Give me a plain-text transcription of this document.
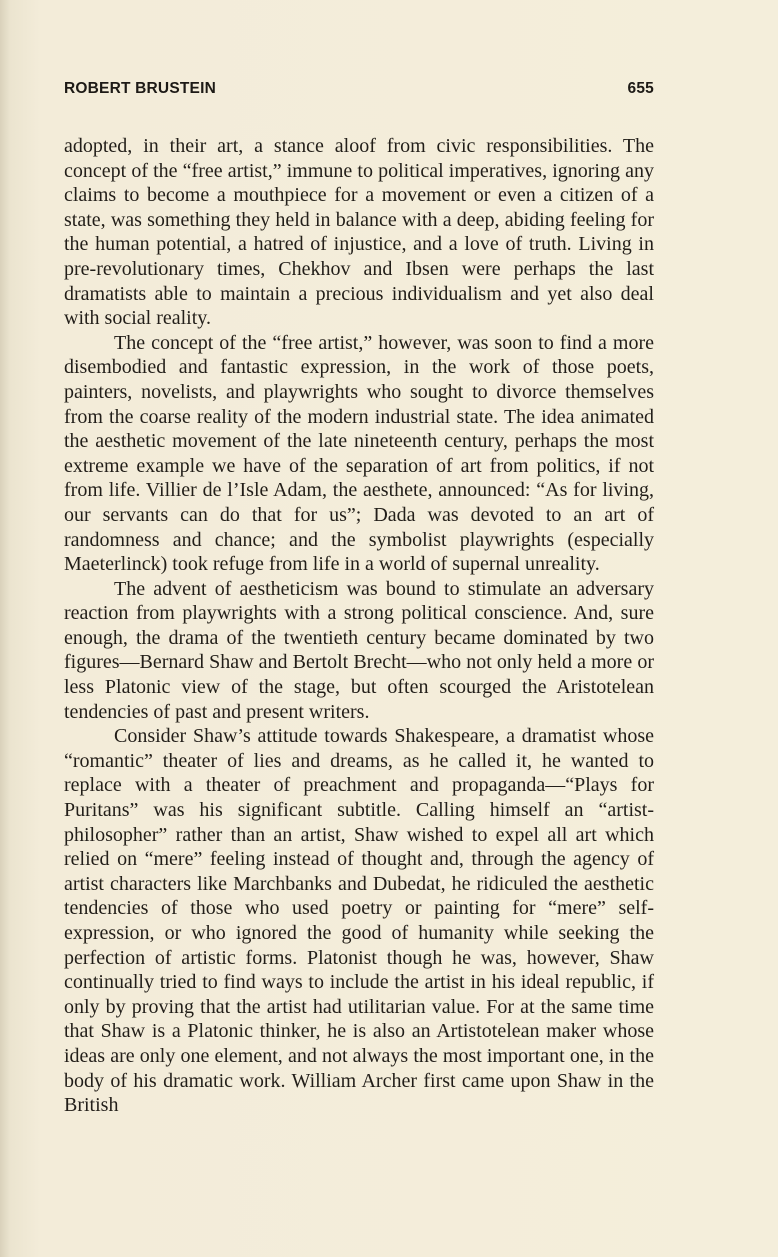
ROBERT BRUSTEIN	655

adopted, in their art, a stance aloof from civic responsibilities. The concept of the “free artist,” immune to political imperatives, ignoring any claims to become a mouthpiece for a movement or even a citizen of a state, was something they held in balance with a deep, abiding feeling for the human potential, a hatred of injustice, and a love of truth. Living in pre-revolutionary times, Chekhov and Ibsen were perhaps the last dramatists able to maintain a precious individualism and yet also deal with social reality.

The concept of the “free artist,” however, was soon to find a more disembodied and fantastic expression, in the work of those poets, painters, novelists, and playwrights who sought to divorce themselves from the coarse reality of the modern industrial state. The idea animated the aesthetic movement of the late nineteenth century, perhaps the most extreme example we have of the separation of art from politics, if not from life. Villier de l’Isle Adam, the aesthete, announced: “As for living, our servants can do that for us”; Dada was devoted to an art of randomness and chance; and the symbolist playwrights (especially Maeterlinck) took refuge from life in a world of supernal unreality.

The advent of aestheticism was bound to stimulate an adversary reaction from playwrights with a strong political conscience. And, sure enough, the drama of the twentieth century became dominated by two figures—Bernard Shaw and Bertolt Brecht—who not only held a more or less Platonic view of the stage, but often scourged the Aristotelean tendencies of past and present writers.

Consider Shaw’s attitude towards Shakespeare, a dramatist whose “romantic” theater of lies and dreams, as he called it, he wanted to replace with a theater of preachment and propaganda—“Plays for Puritans” was his significant subtitle. Calling himself an “artist-philosopher” rather than an artist, Shaw wished to expel all art which relied on “mere” feeling instead of thought and, through the agency of artist characters like Marchbanks and Dubedat, he ridiculed the aesthetic tendencies of those who used poetry or painting for “mere” self-expression, or who ignored the good of humanity while seeking the perfection of artistic forms. Platonist though he was, however, Shaw continually tried to find ways to include the artist in his ideal republic, if only by proving that the artist had utilitarian value. For at the same time that Shaw is a Platonic thinker, he is also an Artistotelean maker whose ideas are only one element, and not always the most important one, in the body of his dramatic work. William Archer first came upon Shaw in the British
